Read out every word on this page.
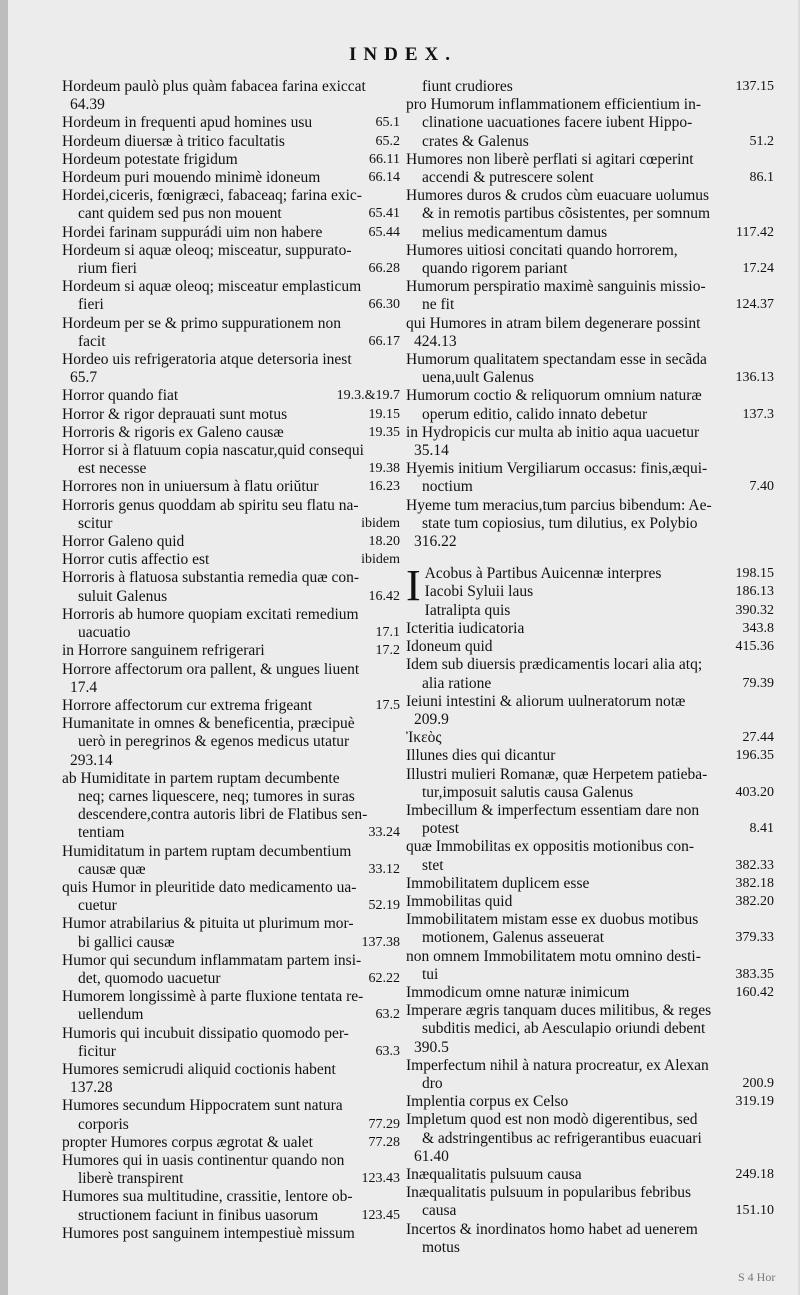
INDEX.
Hordeum paulò plus quàm fabacea farina exiccat
64.39
Hordeum in frequenti apud homines usu	65.1
Hordeum diuersæ à tritico facultatis	65.2
Hordeum potestate frigidum	66.11
Hordeum puri mouendo minimè idoneum	66.14
Hordei,ciceris, fœnigræci, fabaceaq; farina exic-
cant quidem sed pus non mouent	65.41
Hordei farinam suppurádi uim non habere	65.44
Hordeum si aquæ oleoq; misceatur, suppurato-
rium fieri	66.28
Hordeum si aquæ oleoq; misceatur emplasticum
fieri	66.30
Hordeum per se & primo suppurationem non
facit	66.17
Hordeo uis refrigeratoria atque detersoria inest
65.7
Horror quando fiat	19.3.&19.7
Horror & rigor deprauati sunt motus	19.15
Horroris & rigoris ex Galeno causæ	19.35
Horror si à flatuum copia nascatur,quid consequi
est necesse	19.38
Horrores non in uniuersum à flatu oriŭtur	16.23
Horroris genus quoddam ab spiritu seu flatu na-
scitur	ibidem
Horror Galeno quid	18.20
Horror cutis affectio est	ibidem
Horroris à flatuosa substantia remedia quæ con-
suluit Galenus	16.42
Horroris ab humore quopiam excitati remedium
uacuatio	17.1
in Horrore sanguinem refrigerari	17.2
Horrore affectorum ora pallent, & ungues liuent
17.4
Horrore affectorum cur extrema frigeant	17.5
Humanitate in omnes & beneficentia, præcipuè
uerò in peregrinos & egenos medicus utatur
293.14
ab Humiditate in partem ruptam decumbente
neq; carnes liquescere, neq; tumores in suras
descendere,contra autoris libri de Flatibus sen-
tentiam	33.24
Humiditatum in partem ruptam decumbentium
causæ quæ	33.12
quis Humor in pleuritide dato medicamento ua-
cuetur	52.19
Humor atrabilarius & pituita ut plurimum mor-
bi gallici causæ	137.38
Humor qui secundum inflammatam partem insi-
det, quomodo uacuetur	62.22
Humorem longissimè à parte fluxione tentata re-
uellendum	63.2
Humoris qui incubuit dissipatio quomodo per-
ficitur	63.3
Humores semicrudi aliquid coctionis habent
137.28
Humores secundum Hippocratem sunt natura
corporis	77.29
propter Humores corpus ægrotat & ualet	77.28
Humores qui in uasis continentur quando non
liberè transpirent	123.43
Humores sua multitudine, crassitie, lentore ob-
structionem faciunt in finibus uasorum	123.45
Humores post sanguinem intempestiuè missum
fiunt crudiores	137.15
pro Humorum inflammationem efficientium in-
clinatione uacuationes facere iubent Hippo-
crates & Galenus	51.2
Humores non liberè perflati si agitari cœperint
accendi & putrescere solent	86.1
Humores duros & crudos cùm euacuare uolumus
& in remotis partibus cõsistentes, per somnum
melius medicamentum damus	117.42
Humores uitiosi concitati quando horrorem,
quando rigorem pariant	17.24
Humorum perspiratio maximè sanguinis missio-
ne fit	124.37
qui Humores in atram bilem degenerare possint
424.13
Humorum qualitatem spectandam esse in secãda
uena,uult Galenus	136.13
Humorum coctio & reliquorum omnium naturæ
operum editio, calido innato debetur	137.3
in Hydropicis cur multa ab initio aqua uacuetur
35.14
Hyemis initium Vergiliarum occasus: finis,æqui-
noctium	7.40
Hyeme tum meracius,tum parcius bibendum: Ae-
state tum copiosius, tum dilutius, ex Polybio
316.22
I Acobus à Partibus Auicennæ interpres	198.15
Iacobi Syluii laus	186.13
Iatralipta quis	390.32
Icteritia iudicatoria	343.8
Idoneum quid	415.36
Idem sub diuersis prædicamentis locari alia atq;
alia ratione	79.39
Ieiuni intestini & aliorum uulneratorum notæ
209.9
Ἰκεὸς	27.44
Illunes dies qui dicantur	196.35
Illustri mulieri Romanæ, quæ Herpetem patieba-
tur,imposuit salutis causa Galenus	403.20
Imbecillum & imperfectum essentiam dare non
potest	8.41
quæ Immobilitas ex oppositis motionibus con-
stet	382.33
Immobilitatem duplicem esse	382.18
Immobilitas quid	382.20
Immobilitatem mistam esse ex duobus motibus
motionem, Galenus asseuerat	379.33
non omnem Immobilitatem motu omnino desti-
tui	383.35
Immodicum omne naturæ inimicum	160.42
Imperare ægris tanquam duces militibus, & reges
subditis medici, ab Aesculapio oriundi debent
390.5
Imperfectum nihil à natura procreatur, ex Alexan
dro	200.9
Implentia corpus ex Celso	319.19
Impletum quod est non modò digerentibus, sed
& adstringentibus ac refrigerantibus euacuari
61.40
Inæqualitatis pulsuum causa	249.18
Inæqualitatis pulsuum in popularibus febribus
causa	151.10
Incertos & inordinatos homo habet ad uenerem
motus
S 4 Hor
